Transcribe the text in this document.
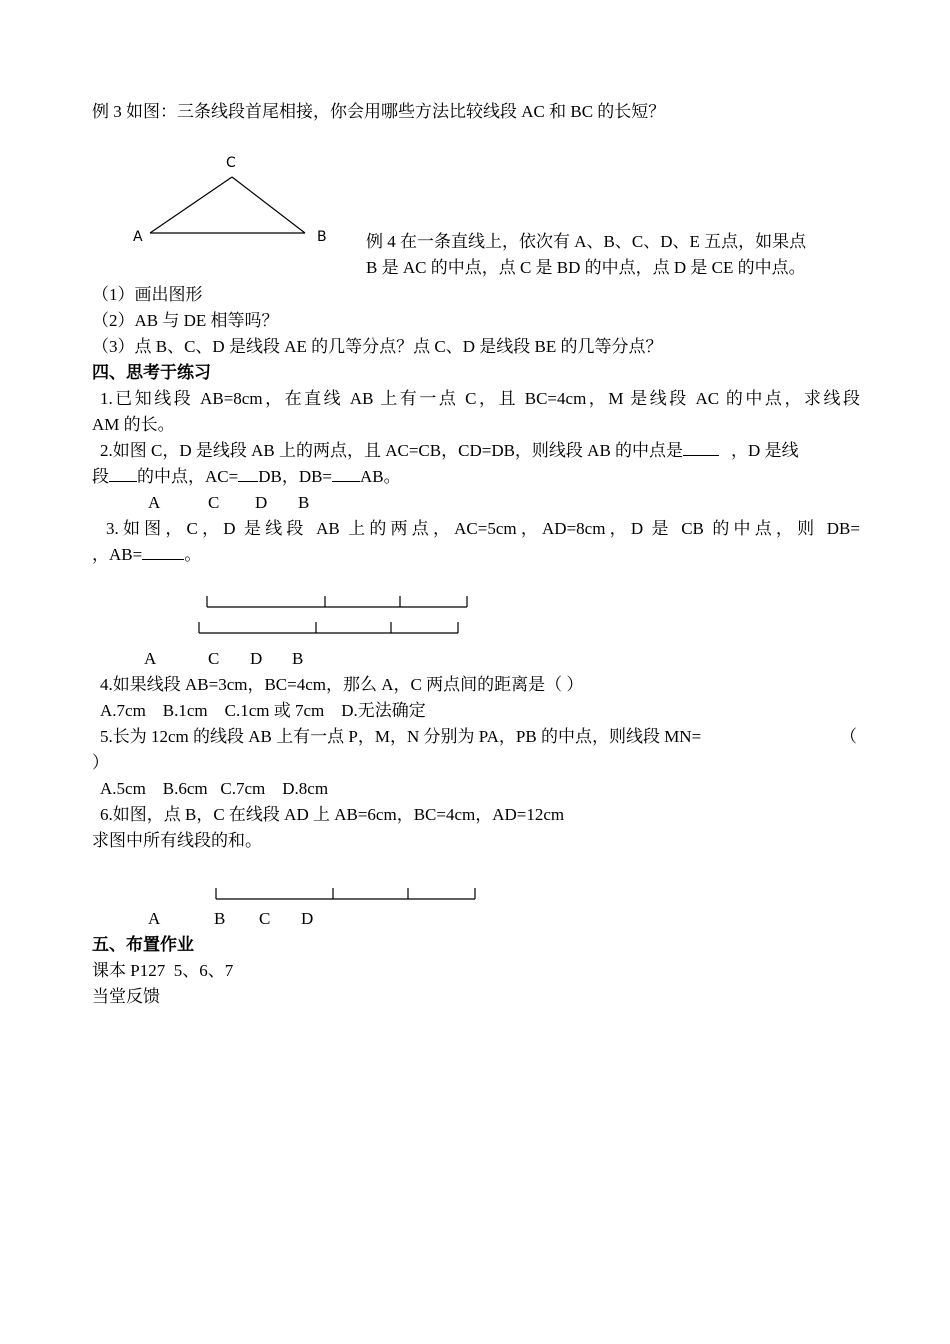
例 3 如图：三条线段首尾相接，你会用哪些方法比较线段 AC 和 BC 的长短？
C
A	B 例 4 在一条直线上，依次有 A、B、C、D、E 五点，如果点
B 是 AC 的中点，点 C 是 BD 的中点，点 D 是 CE 的中点。
（1）画出图形
（2）AB 与 DE 相等吗？
（3）点 B、C、D 是线段 AE 的几等分点？点 C、D 是线段 BE 的几等分点？
四、思考于练习
1.已知线段 AB=8cm，在直线 AB 上有一点 C，且 BC=4cm，M 是线段 AC 的中点，求线段
AM 的长。
2.如图 C，D 是线段 AB 上的两点，且 AC=CB，CD=DB，则线段 AB 的中点是	，D 是线
段 的中点，AC= DB，DB= AB。
A	C D B
3.如图，C，D 是线段 AB 上的两点，AC=5cm，AD=8cm，D 是 CB 的中点，则 DB=
，AB= 。
A	C D B
4.如果线段 AB=3cm，BC=4cm，那么 A，C 两点间的距离是（ ）
A.7cm    B.1cm    C.1cm 或 7cm    D.无法确定
5.长为 12cm 的线段 AB 上有一点 P，M，N 分别为 PA，PB 的中点，则线段 MN=	（
）
A.5cm    B.6cm   C.7cm    D.8cm
6.如图，点 B，C 在线段 AD 上 AB=6cm，BC=4cm，AD=12cm
求图中所有线段的和。
A	B C D
五、布置作业
课本 P127  5、6、7
当堂反馈
